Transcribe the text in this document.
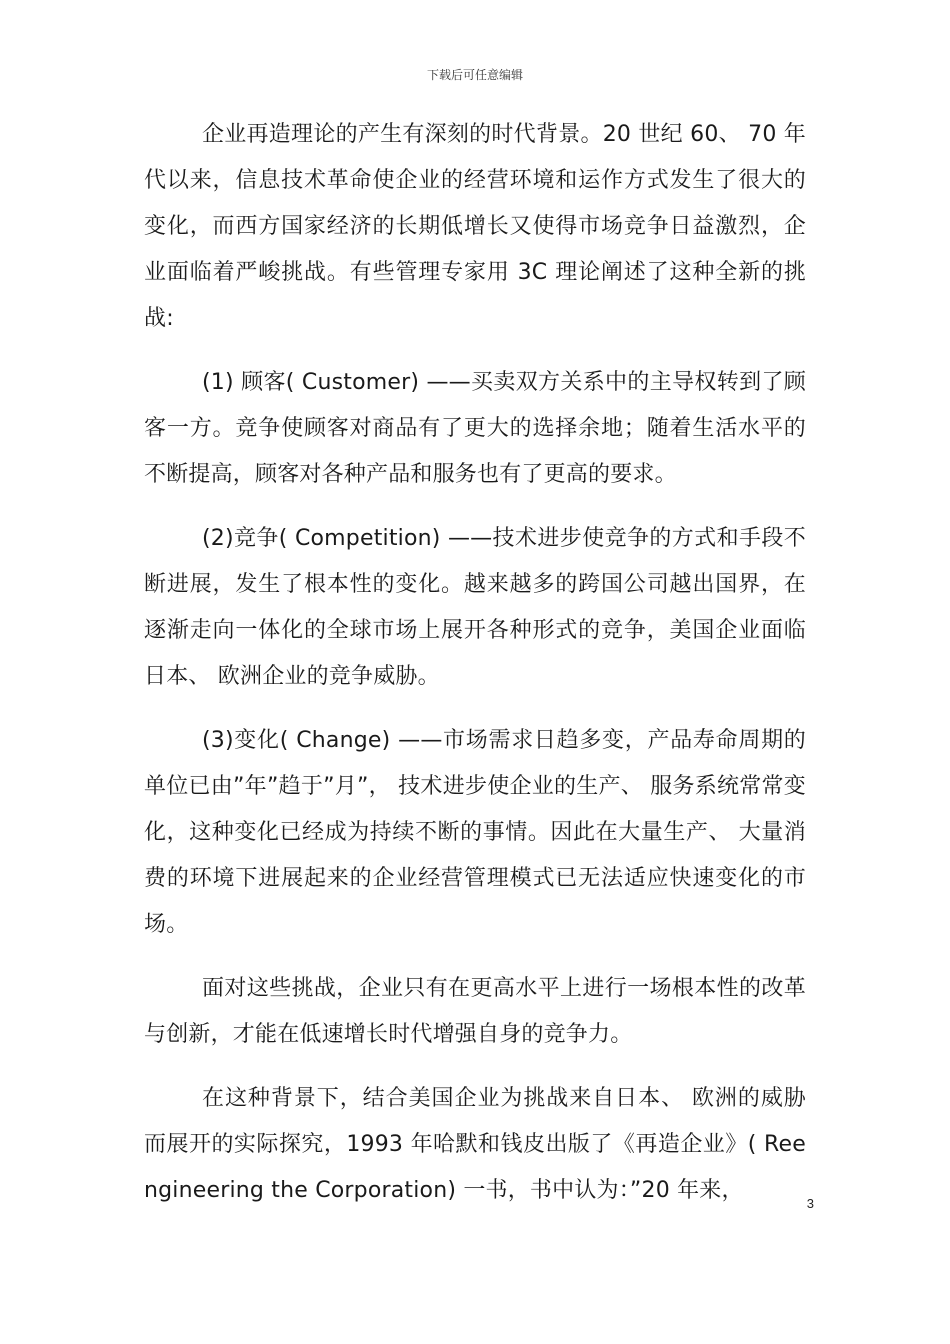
下载后可任意编辑

企业再造理论的产生有深刻的时代背景。20 世纪 60、 70 年代以来，信息技术革命使企业的经营环境和运作方式发生了很大的变化，而西方国家经济的长期低增长又使得市场竞争日益激烈，企业面临着严峻挑战。有些管理专家用 3C 理论阐述了这种全新的挑战:

(1) 顾客( Customer) ——买卖双方关系中的主导权转到了顾客一方。竞争使顾客对商品有了更大的选择余地；随着生活水平的不断提高，顾客对各种产品和服务也有了更高的要求。

(2)竞争( Competition) ——技术进步使竞争的方式和手段不断进展，发生了根本性的变化。越来越多的跨国公司越出国界，在逐渐走向一体化的全球市场上展开各种形式的竞争，美国企业面临日本、 欧洲企业的竞争威胁。

(3)变化( Change) ——市场需求日趋多变，产品寿命周期的单位已由”年”趋于”月”， 技术进步使企业的生产、 服务系统常常变化，这种变化已经成为持续不断的事情。因此在大量生产、 大量消费的环境下进展起来的企业经营管理模式已无法适应快速变化的市场。

面对这些挑战，企业只有在更高水平上进行一场根本性的改革与创新，才能在低速增长时代增强自身的竞争力。

在这种背景下，结合美国企业为挑战来自日本、 欧洲的威胁而展开的实际探究，1993 年哈默和钱皮出版了《再造企业》( Reengineering the Corporation) 一书，书中认为：”20 年来，

3
